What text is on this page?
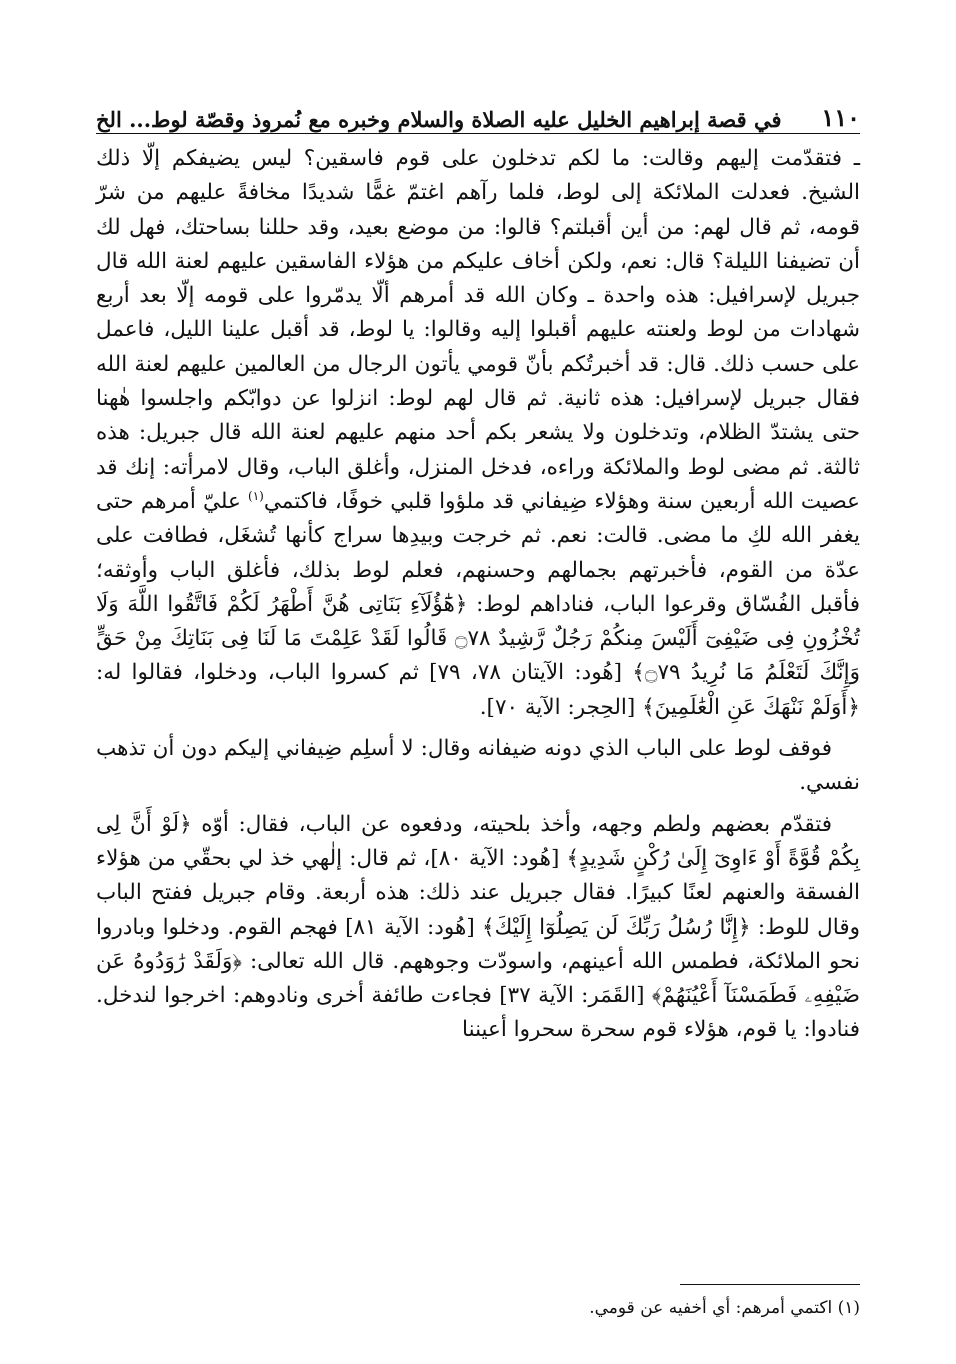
١١٠
في قصة إبراهيم الخليل عليه الصلاة والسلام وخبره مع نُمروذ وقصّة لوط... الخ

ـ فتقدّمت إليهم وقالت: ما لكم تدخلون على قوم فاسقين؟ ليس يضيفكم إلّا ذلك الشيخ. فعدلت الملائكة إلى لوط، فلما رآهم اغتمّ غمًّا شديدًا مخافةً عليهم من شرّ قومه، ثم قال لهم: من أين أقبلتم؟ قالوا: من موضع بعيد، وقد حللنا بساحتك، فهل لك أن تضيفنا الليلة؟ قال: نعم، ولكن أخاف عليكم من هؤلاء الفاسقين عليهم لعنة الله قال جبريل لإسرافيل: هذه واحدة ـ وكان الله قد أمرهم ألّا يدمّروا على قومه إلّا بعد أربع شهادات من لوط ولعنته عليهم أقبلوا إليه وقالوا: يا لوط، قد أقبل علينا الليل، فاعمل على حسب ذلك. قال: قد أخبرتُكم بأنّ قومي يأتون الرجال من العالمين عليهم لعنة الله فقال جبريل لإسرافيل: هذه ثانية. ثم قال لهم لوط: انزلوا عن دوابّكم واجلسوا هٰهنا حتى يشتدّ الظلام، وتدخلون ولا يشعر بكم أحد منهم عليهم لعنة الله قال جبريل: هذه ثالثة. ثم مضى لوط والملائكة وراءه، فدخل المنزل، وأغلق الباب، وقال لامرأته: إنك قد عصيت الله أربعين سنة وهؤلاء ضِيفاني قد ملؤوا قلبي خوفًا، فاكتمي$^{(١)}$ عليّ أمرهم حتى يغفر الله لكِ ما مضى. قالت: نعم. ثم خرجت وبيدِها سراج كأنها تُشغَل، فطافت على عدّة من القوم، فأخبرتهم بجمالهم وحسنهم، فعلم لوط بذلك، فأغلق الباب وأوثقه؛ فأقبل الفُسّاق وقرعوا الباب، فناداهم لوط: ﴿هَٰٓؤُلَآءِ بَنَاتِى هُنَّ أَطْهَرُ لَكُمْ فَاتَّقُوا اللَّهَ وَلَا تُخْزُونِ فِى ضَيْفِىٓ أَلَيْسَ مِنكُمْ رَجُلٌ رَّشِيدٌ ۝٧٨ قَالُوا لَقَدْ عَلِمْتَ مَا لَنَا فِى بَنَاتِكَ مِنْ حَقٍّ وَإِنَّكَ لَتَعْلَمُ مَا نُرِيدُ ۝٧٩﴾ [هُود: الآيتان ٧٨، ٧٩] ثم كسروا الباب، ودخلوا، فقالوا له: ﴿أَوَلَمْ نَنْهَكَ عَنِ الْعَٰلَمِينَ﴾ [الحِجر: الآية ٧٠].

فوقف لوط على الباب الذي دونه ضيفانه وقال: لا أسلِم ضِيفاني إليكم دون أن تذهب نفسي.

فتقدّم بعضهم ولطم وجهه، وأخذ بلحيته، ودفعوه عن الباب، فقال: أوّه ﴿لَوْ أَنَّ لِى بِكُمْ قُوَّةً أَوْ ءَاوِىٓ إِلَىٰ رُكْنٍ شَدِيدٍ﴾ [هُود: الآية ٨٠]، ثم قال: إلٰهي خذ لي بحقّي من هؤلاء الفسقة والعنهم لعنًا كبيرًا. فقال جبريل عند ذلك: هذه أربعة. وقام جبريل ففتح الباب وقال للوط: ﴿إِنَّا رُسُلُ رَبِّكَ لَن يَصِلُوٓا إِلَيْكَ﴾ [هُود: الآية ٨١] فهجم القوم. ودخلوا وبادروا نحو الملائكة، فطمس الله أعينهم، واسودّت وجوههم. قال الله تعالى: ﴿وَلَقَدْ رَٰوَدُوهُ عَن ضَيْفِهِۦ فَطَمَسْنَآ أَعْيُنَهُمْ﴾ [القَمَر: الآية ٣٧] فجاءت طائفة أخرى ونادوهم: اخرجوا لندخل. فنادوا: يا قوم، هؤلاء قوم سحرة سحروا أعيننا

(١) اكتمي أمرهم: أي أخفيه عن قومي.
